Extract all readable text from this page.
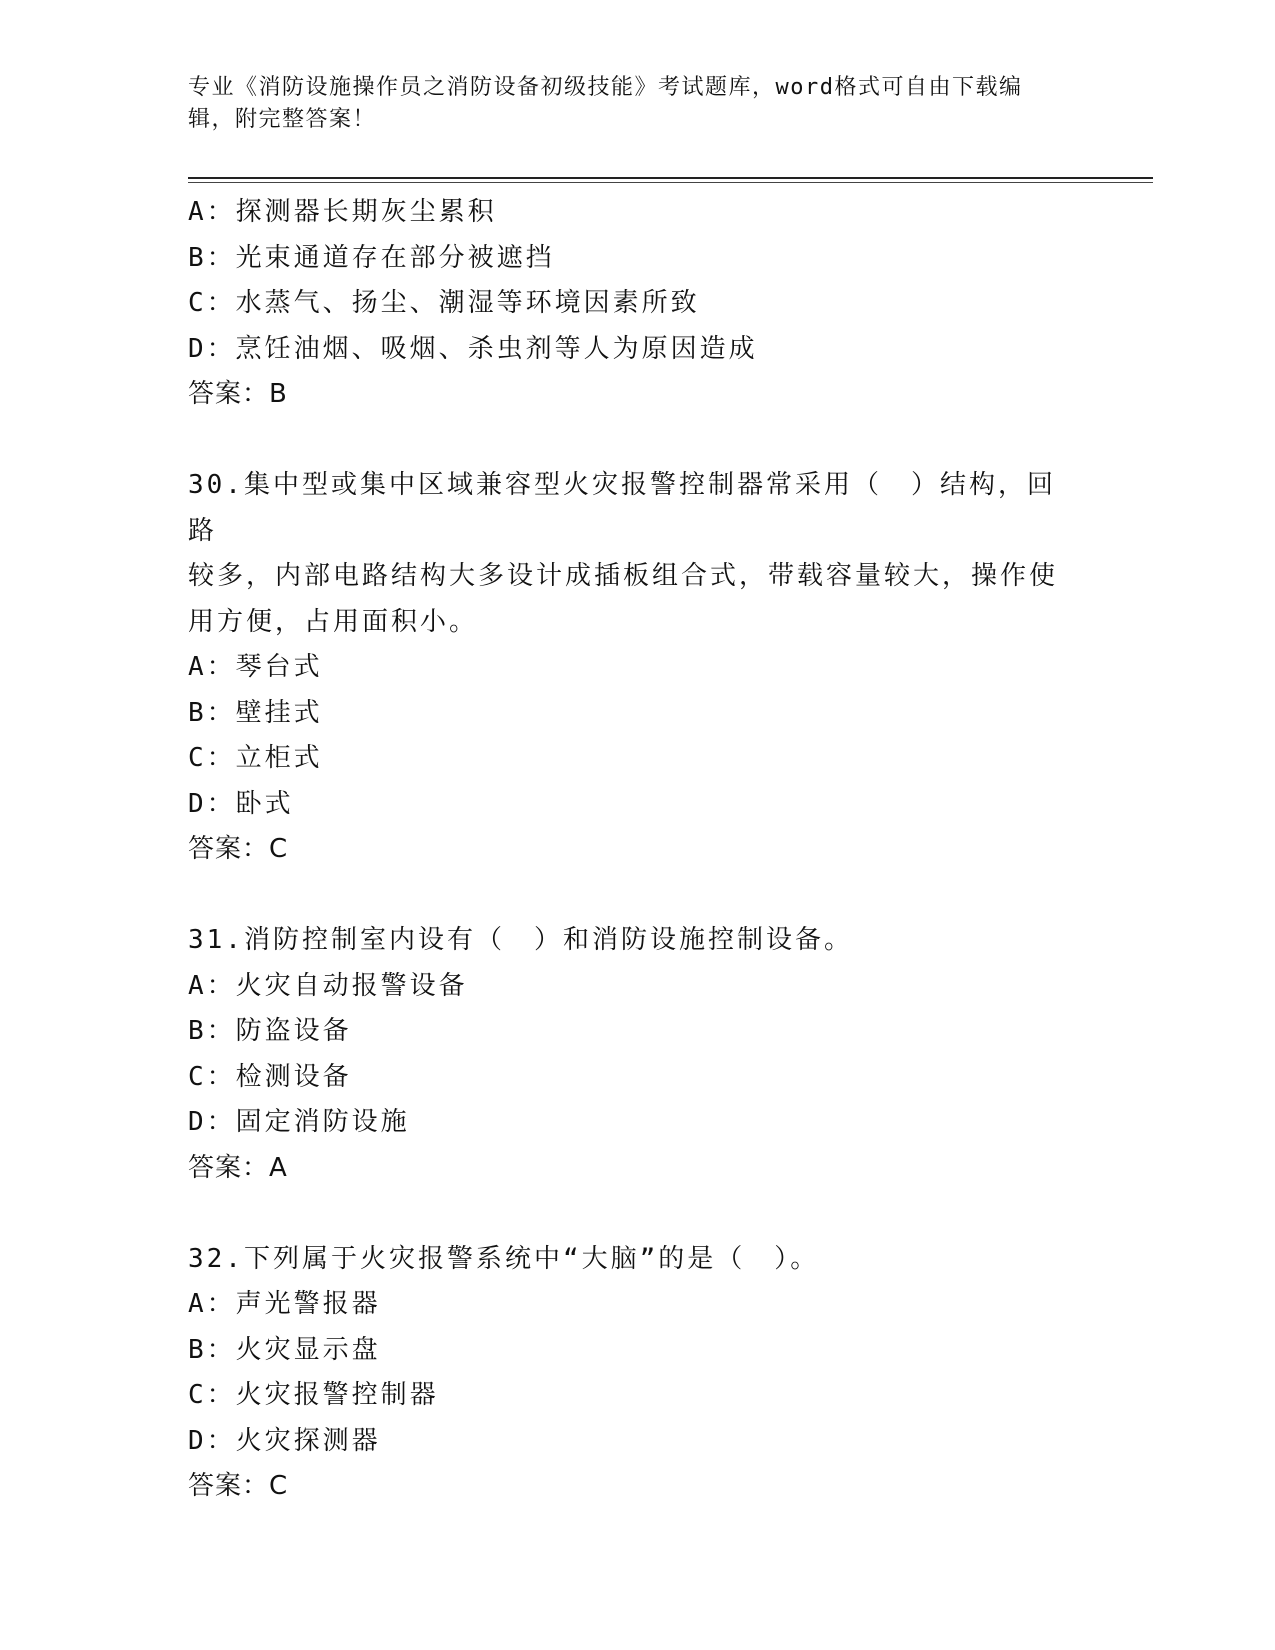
专业《消防设施操作员之消防设备初级技能》考试题库，word格式可自由下载编
辑，附完整答案！
A：探测器长期灰尘累积
B：光束通道存在部分被遮挡
C：水蒸气、扬尘、潮湿等环境因素所致
D：烹饪油烟、吸烟、杀虫剂等人为原因造成
答案：B
30.集中型或集中区域兼容型火灾报警控制器常采用（　）结构，回路
较多，内部电路结构大多设计成插板组合式，带载容量较大，操作使
用方便，占用面积小。
A：琴台式
B：壁挂式
C：立柜式
D：卧式
答案：C
31.消防控制室内设有（　）和消防设施控制设备。
A：火灾自动报警设备
B：防盗设备
C：检测设备
D：固定消防设施
答案：A
32.下列属于火灾报警系统中“大脑”的是（　）。
A：声光警报器
B：火灾显示盘
C：火灾报警控制器
D：火灾探测器
答案：C
